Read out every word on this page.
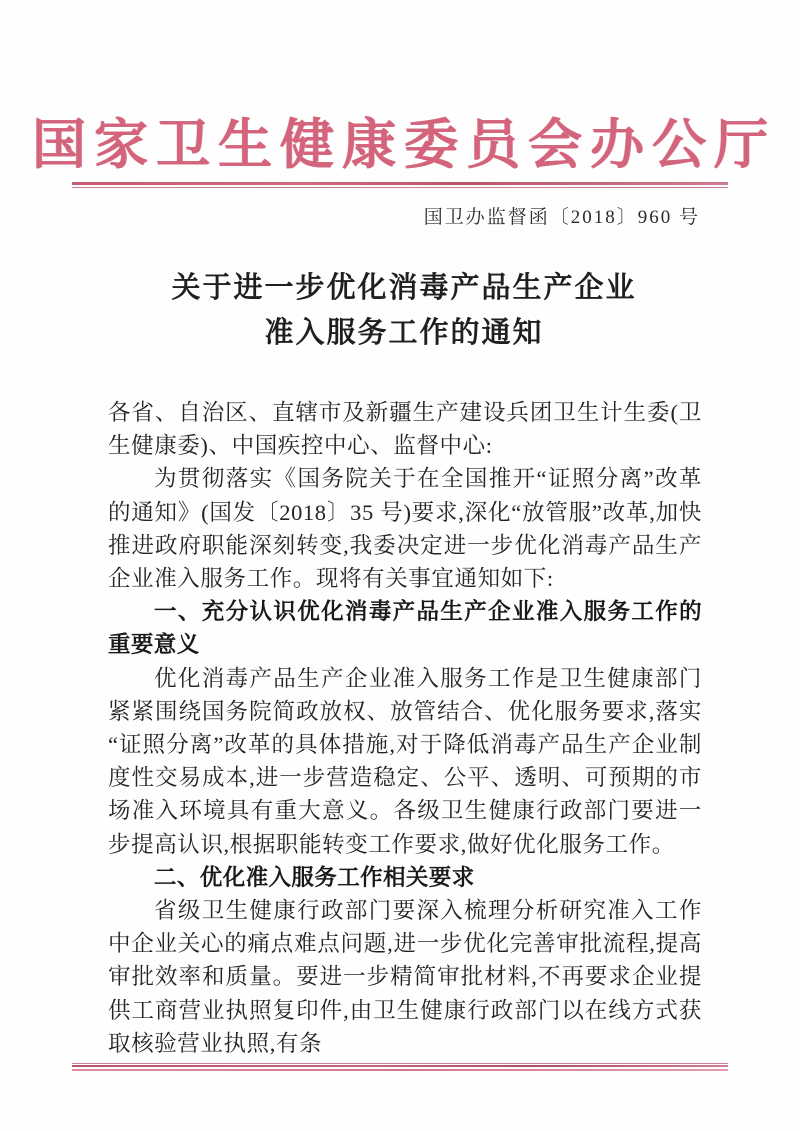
国家卫生健康委员会办公厅
国卫办监督函〔2018〕960 号
关于进一步优化消毒产品生产企业
准入服务工作的通知

各省、自治区、直辖市及新疆生产建设兵团卫生计生委(卫生健康委)、中国疾控中心、监督中心:

为贯彻落实《国务院关于在全国推开“证照分离”改革的通知》(国发〔2018〕35 号)要求,深化“放管服”改革,加快推进政府职能深刻转变,我委决定进一步优化消毒产品生产企业准入服务工作。现将有关事宜通知如下:

一、充分认识优化消毒产品生产企业准入服务工作的重要意义

优化消毒产品生产企业准入服务工作是卫生健康部门紧紧围绕国务院简政放权、放管结合、优化服务要求,落实“证照分离”改革的具体措施,对于降低消毒产品生产企业制度性交易成本,进一步营造稳定、公平、透明、可预期的市场准入环境具有重大意义。各级卫生健康行政部门要进一步提高认识,根据职能转变工作要求,做好优化服务工作。

二、优化准入服务工作相关要求

省级卫生健康行政部门要深入梳理分析研究准入工作中企业关心的痛点难点问题,进一步优化完善审批流程,提高审批效率和质量。要进一步精简审批材料,不再要求企业提供工商营业执照复印件,由卫生健康行政部门以在线方式获取核验营业执照,有条
